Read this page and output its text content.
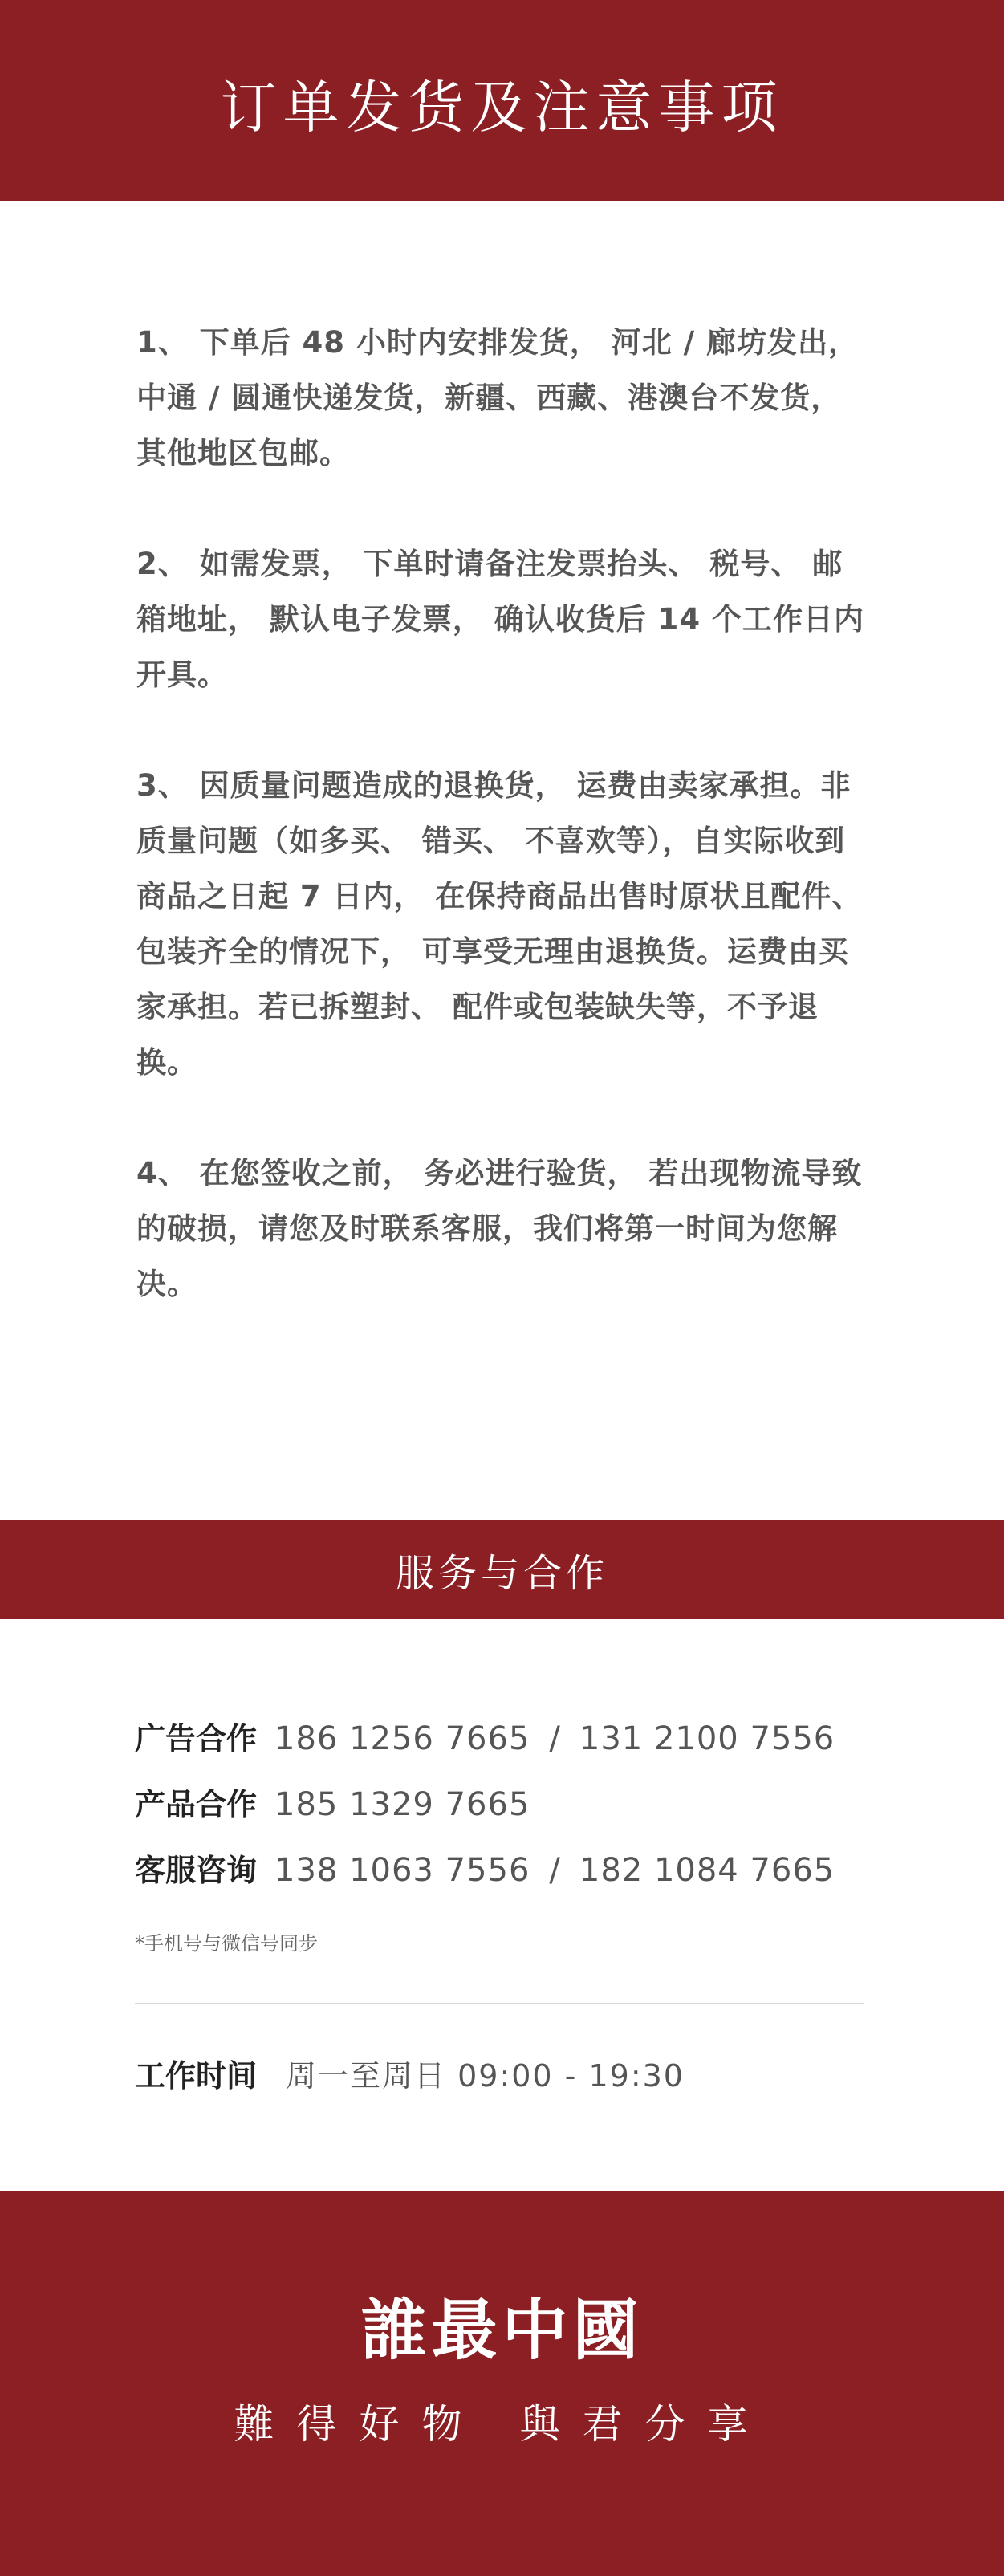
订单发货及注意事项

1、 下单后 48 小时内安排发货， 河北 / 廊坊发出，中通 / 圆通快递发货，新疆、西藏、港澳台不发货，其他地区包邮。

2、 如需发票， 下单时请备注发票抬头、 税号、 邮箱地址， 默认电子发票， 确认收货后 14 个工作日内开具。

3、 因质量问题造成的退换货， 运费由卖家承担。非质量问题（如多买、 错买、 不喜欢等），自实际收到商品之日起 7 日内， 在保持商品出售时原状且配件、包装齐全的情况下， 可享受无理由退换货。运费由买家承担。若已拆塑封、 配件或包装缺失等，不予退换。

4、 在您签收之前， 务必进行验货， 若出现物流导致的破损，请您及时联系客服，我们将第一时间为您解决。

服务与合作
广告合作 186 1256 7665 / 131 2100 7556
产品合作 185 1329 7665
客服咨询 138 1063 7556 / 182 1084 7665
*手机号与微信号同步
工作时间 周一至周日 09:00 - 19:30
誰最中國
難得好物 與君分享
